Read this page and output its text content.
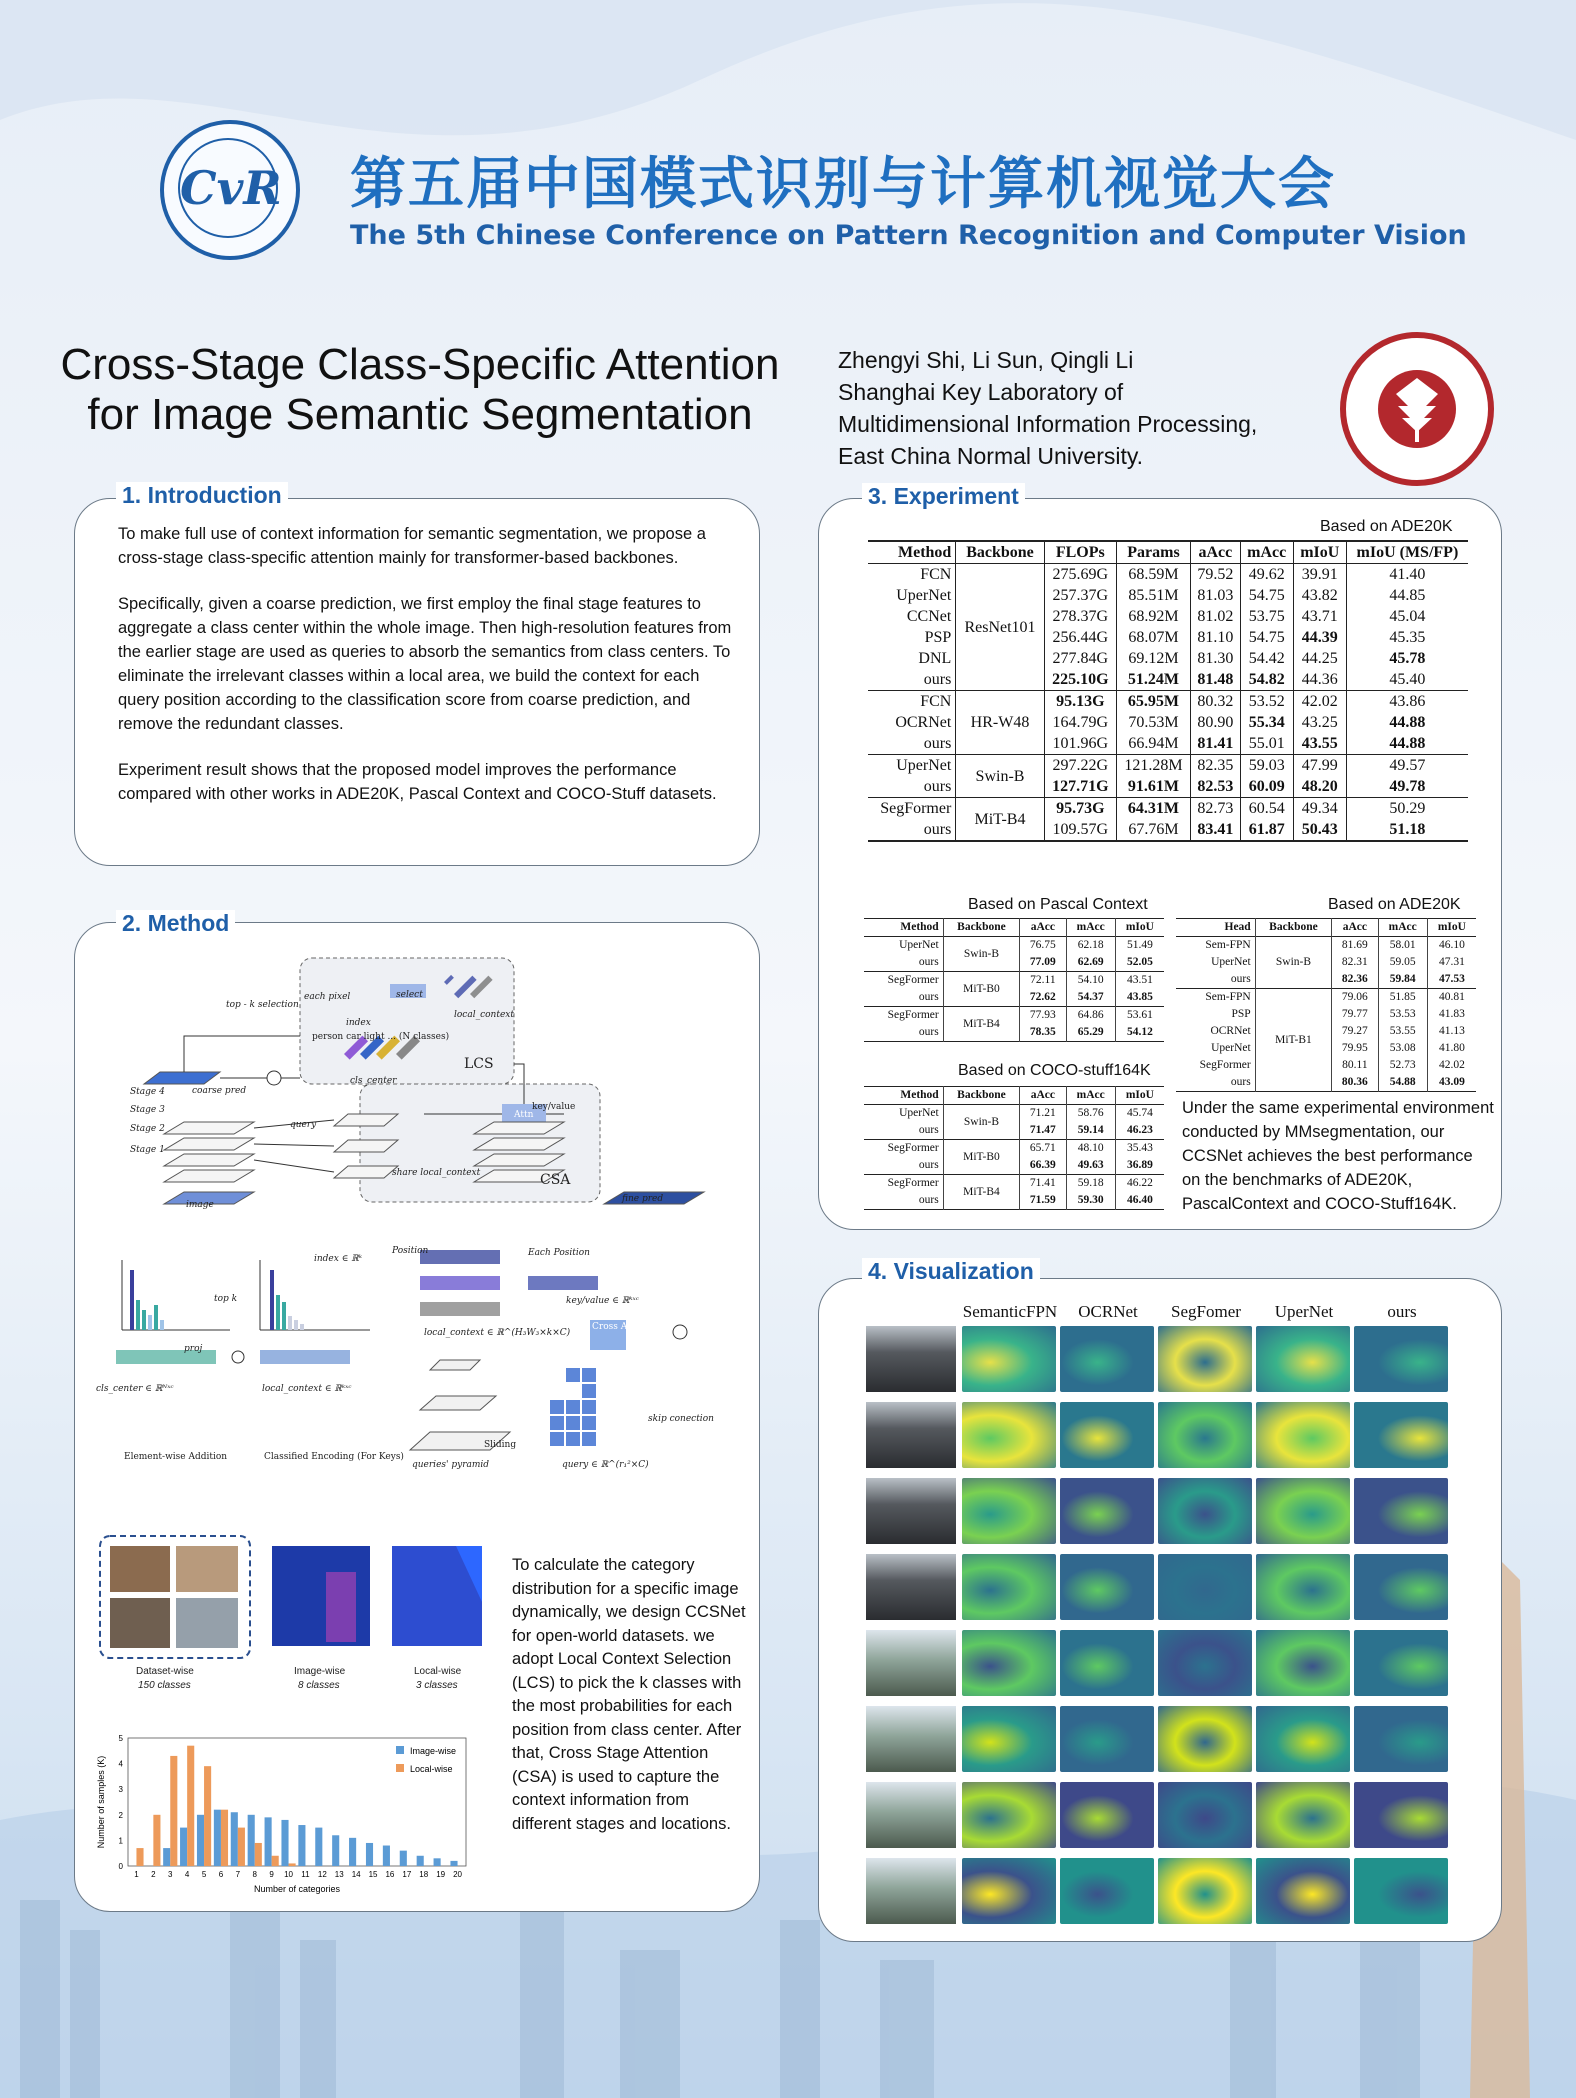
CvR 第五届中国模式识别与计算机视觉大会
The 5th Chinese Conference on Pattern Recognition and Computer Vision
Cross-Stage Class-Specific Attention
for Image Semantic Segmentation
Zhengyi Shi, Li Sun, Qingli Li
Shanghai Key Laboratory of
Multidimensional Information Processing,
East China Normal University.
1. Introduction

To make full use of context information for semantic segmentation, we propose a cross-stage class-specific attention mainly for transformer-based backbones.

Specifically, given a coarse prediction, we first employ the final stage features to aggregate a class center within the whole image. Then high-resolution features from the earlier stage are used as queries to absorb the semantics from class centers. To eliminate the irrelevant classes within a local area, we build the context for each query position according to the classification score from coarse prediction, and remove the redundant classes.

Experiment result shows that the proposed model improves the performance compared with other works in ADE20K, Pascal Context and COCO-Stuff datasets.

2. Method
top - k selection
each pixel
index
select
local_context
person car light ... (N classes)
cls_center
LCS
coarse pred
key/value
query
Attn
Stage 4
Stage 3
Stage 2
Stage 1
share local_context	CSA
image
fine pred
index ∈ ℝᵏ
top k
Position	Each Position
key/value ∈ ℝᵏˣᶜ
local_context ∈ ℝ^(H₃W₃×k×C)
Cross Attention
proj
cls_center ∈ ℝᴺˣᶜ	local_context ∈ ℝᵏˣᶜ
skip conection
Sliding
queries' pyramid	query ∈ ℝ^(r₁²×C)
Element-wise Addition	Classified Encoding (For Keys)
Dataset-wise
150 classes
Image-wise
8 classes
Local-wise
3 classes
0
1
2
3
4
5
1 2 3 4 5 6 7 8 9 10 11 12 13 14 15 16 17 18 19 20
Number of categories
Number of samples (K)
Image-wise
Local-wise
To calculate the category distribution for a specific image dynamically, we design CCSNet for open-world datasets. we adopt Local Context Selection (LCS) to pick the k classes with the most probabilities for each position from class center. After that, Cross Stage Attention (CSA) is used to capture the context information from different stages and locations.
3. Experiment
Based on ADE20K
Method	Backbone	FLOPs	Params	aAcc	mAcc	mIoU	mIoU (MS/FP)
FCN	ResNet101	275.69G	68.59M	79.52	49.62	39.91	41.40
UperNet		257.37G	85.51M	81.03	54.75	43.82	44.85
CCNet		278.37G	68.92M	81.02	53.75	43.71	45.04
PSP		256.44G	68.07M	81.10	54.75	44.39	45.35
DNL		277.84G	69.12M	81.30	54.42	44.25	45.78
ours		225.10G	51.24M	81.48	54.82	44.36	45.40
FCN	HR-W48	95.13G	65.95M	80.32	53.52	42.02	43.86
OCRNet		164.79G	70.53M	80.90	55.34	43.25	44.88
ours		101.96G	66.94M	81.41	55.01	43.55	44.88
UperNet	Swin-B	297.22G	121.28M	82.35	59.03	47.99	49.57
ours		127.71G	91.61M	82.53	60.09	48.20	49.78
SegFormer	MiT-B4	95.73G	64.31M	82.73	60.54	49.34	50.29
ours		109.57G	67.76M	83.41	61.87	50.43	51.18
Based on Pascal Context
Method	Backbone	aAcc	mAcc	mIoU
UperNet	Swin-B	76.75	62.18	51.49
ours		77.09	62.69	52.05
SegFormer	MiT-B0	72.11	54.10	43.51
ours		72.62	54.37	43.85
SegFormer	MiT-B4	77.93	64.86	53.61
ours		78.35	65.29	54.12
Based on COCO-stuff164K
Method	Backbone	aAcc	mAcc	mIoU
UperNet	Swin-B	71.21	58.76	45.74
ours		71.47	59.14	46.23
SegFormer	MiT-B0	65.71	48.10	35.43
ours		66.39	49.63	36.89
SegFormer	MiT-B4	71.41	59.18	46.22
ours		71.59	59.30	46.40
Based on ADE20K
Head	Backbone	aAcc	mAcc	mIoU
Sem-FPN	Swin-B	81.69	58.01	46.10
UperNet		82.31	59.05	47.31
ours		82.36	59.84	47.53
Sem-FPN	MiT-B1	79.06	51.85	40.81
PSP		79.77	53.53	41.83
OCRNet		79.27	53.55	41.13
UperNet		79.95	53.08	41.80
SegFormer		80.11	52.73	42.02
ours		80.36	54.88	43.09
Under the same experimental environment conducted by MMsegmentation, our CCSNet achieves the best performance on the benchmarks of ADE20K, PascalContext and COCO-Stuff164K.
4. Visualization
SemanticFPN	OCRNet	SegFomer	UperNet	ours
